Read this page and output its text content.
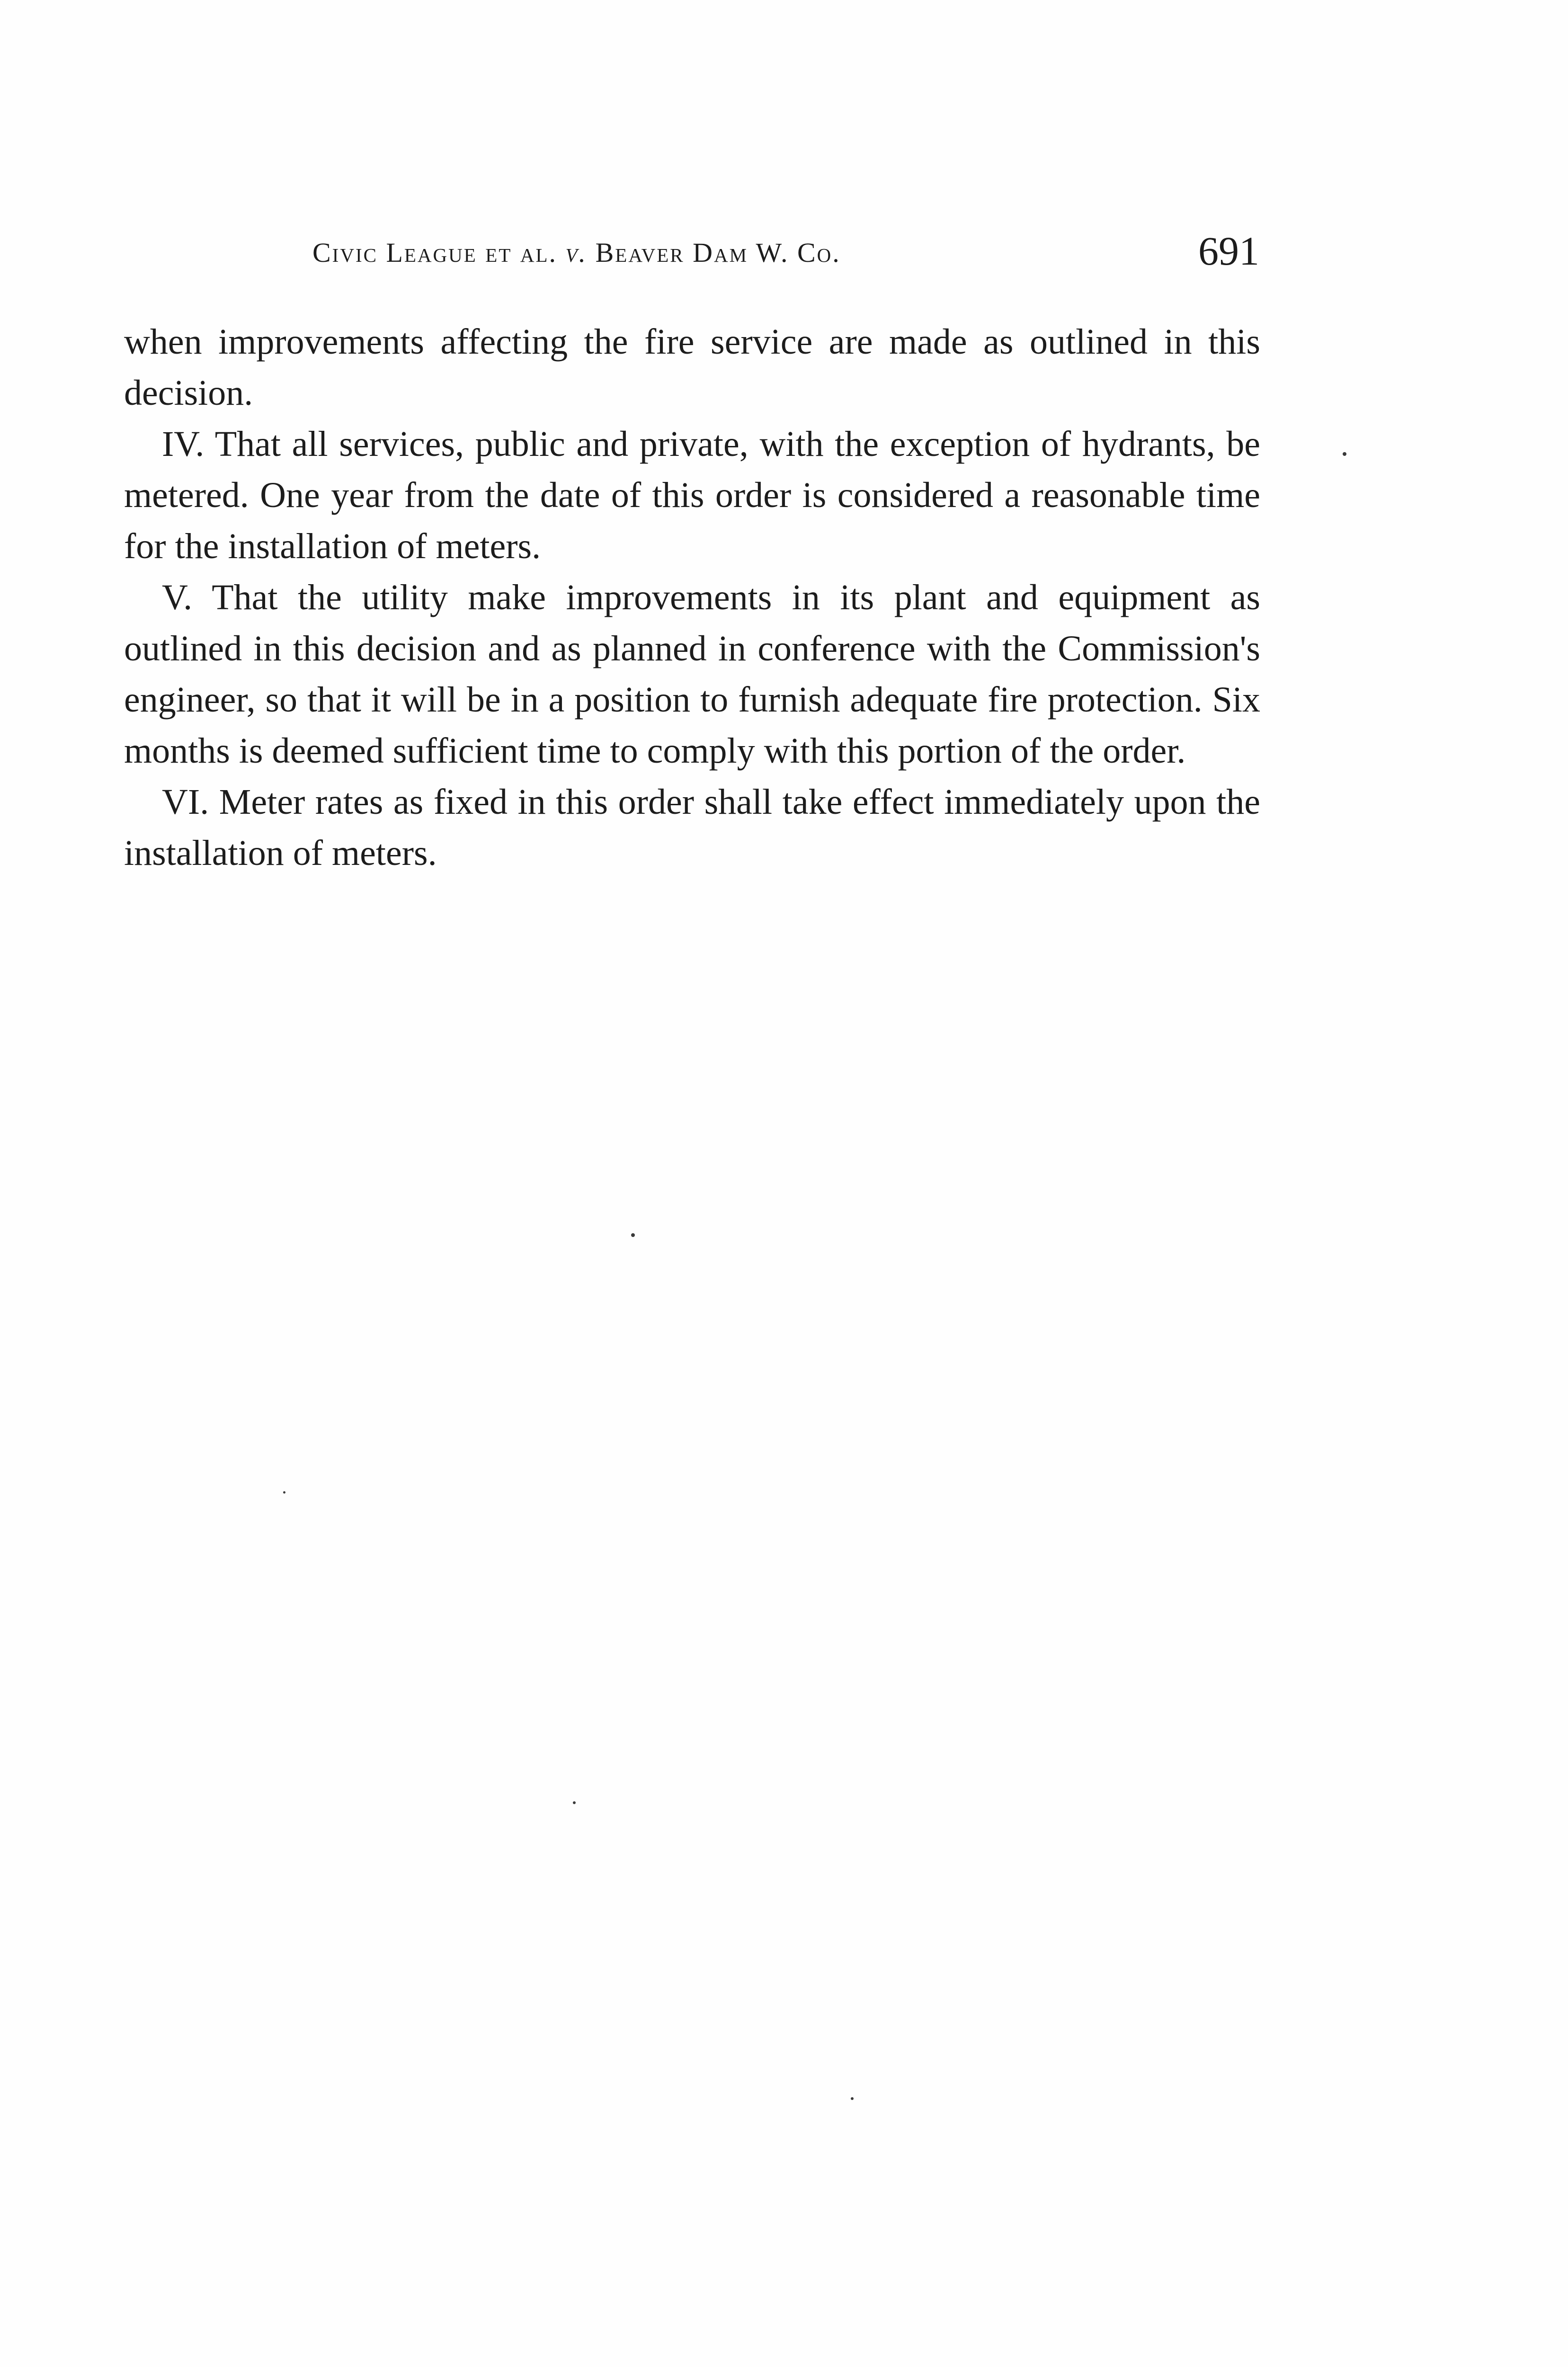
Civic League et al. v. Beaver Dam W. Co.	691

when improvements affecting the fire service are made as outlined in this decision.

IV. That all services, public and private, with the exception of hydrants, be metered. One year from the date of this order is considered a reasonable time for the installation of meters.

V. That the utility make improvements in its plant and equipment as outlined in this decision and as planned in conference with the Commission's engineer, so that it will be in a position to furnish adequate fire protection. Six months is deemed sufficient time to comply with this portion of the order.

VI. Meter rates as fixed in this order shall take effect immediately upon the installation of meters.
